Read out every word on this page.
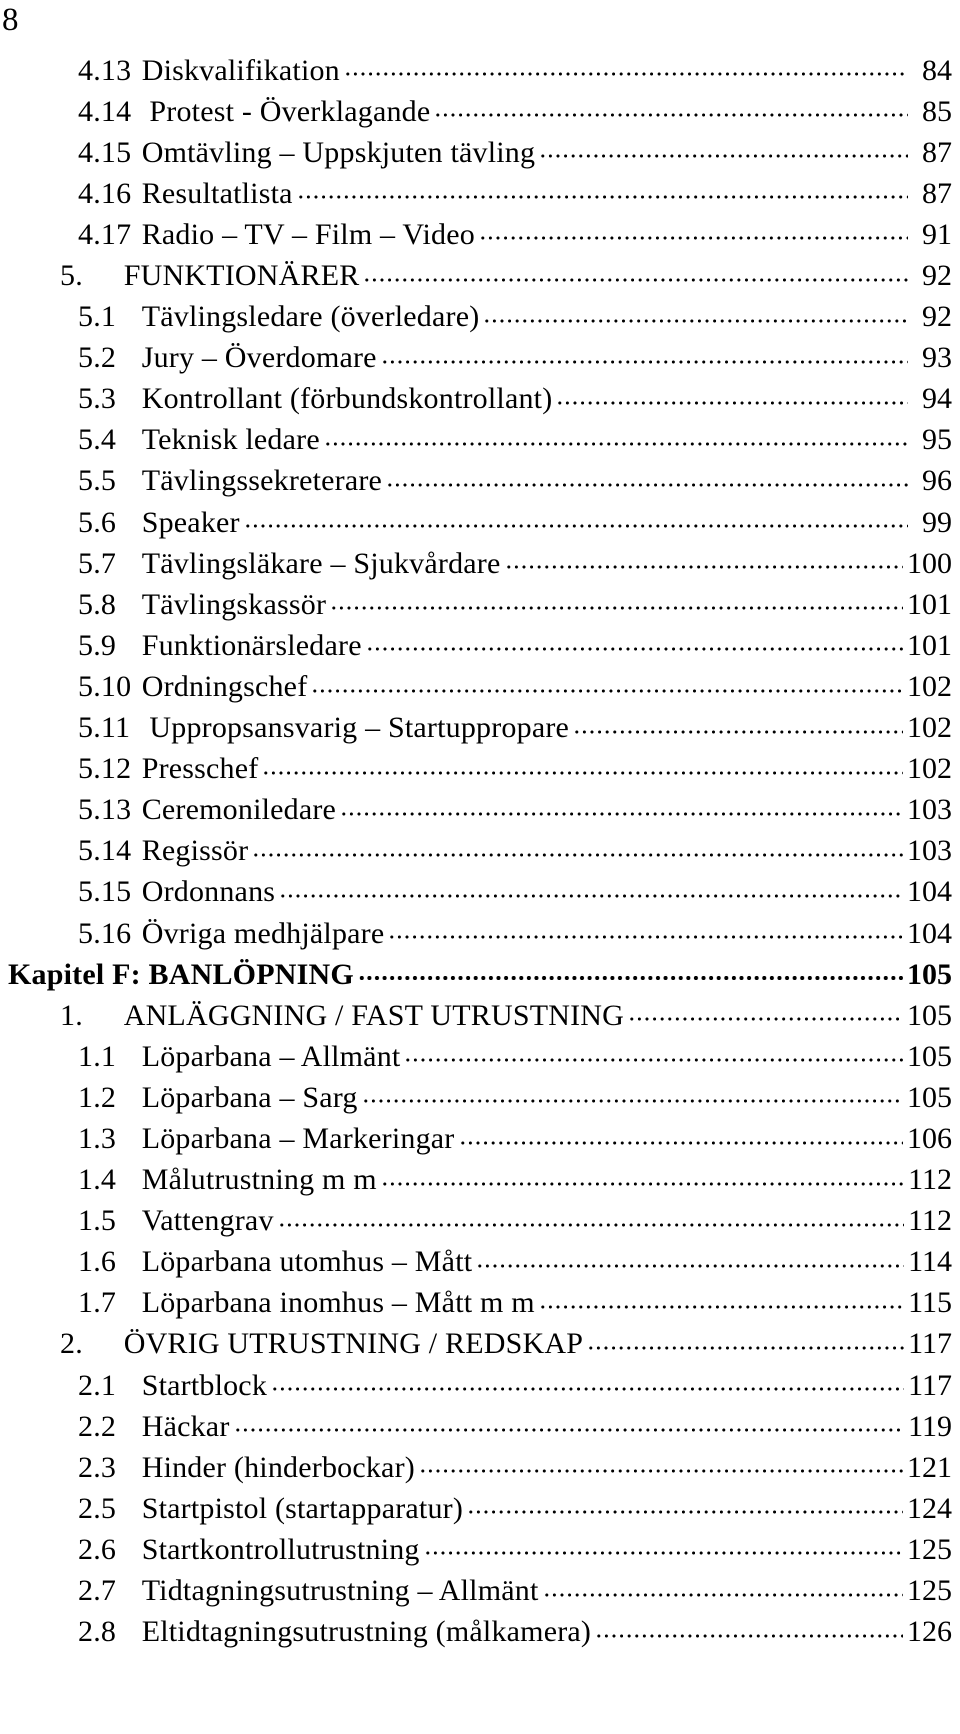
8
4.13 Diskvalifikation	84
4.14  Protest - Överklagande	85
4.15 Omtävling – Uppskjuten tävling	87
4.16 Resultatlista	87
4.17 Radio – TV – Film – Video	91
5. FUNKTIONÄRER	92
5.1 Tävlingsledare (överledare)	92
5.2 Jury – Överdomare	93
5.3 Kontrollant (förbundskontrollant)	94
5.4 Teknisk ledare	95
5.5 Tävlingssekreterare	96
5.6 Speaker	99
5.7 Tävlingsläkare – Sjukvårdare	100
5.8 Tävlingskassör	101
5.9 Funktionärsledare	101
5.10 Ordningschef	102
5.11  Uppropsansvarig – Startuppropare	102
5.12 Presschef	102
5.13 Ceremoniledare	103
5.14 Regissör	103
5.15 Ordonnans	104
5.16 Övriga medhjälpare	104
Kapitel F: BANLÖPNING	105
1. ANLÄGGNING / FAST UTRUSTNING	105
1.1 Löparbana – Allmänt	105
1.2 Löparbana – Sarg	105
1.3 Löparbana – Markeringar	106
1.4 Målutrustning m m	112
1.5 Vattengrav	112
1.6 Löparbana utomhus – Mått	114
1.7 Löparbana inomhus – Mått m m	115
2. ÖVRIG UTRUSTNING / REDSKAP	117
2.1 Startblock	117
2.2 Häckar	119
2.3 Hinder (hinderbockar)	121
2.5 Startpistol (startapparatur)	124
2.6 Startkontrollutrustning	125
2.7 Tidtagningsutrustning – Allmänt	125
2.8 Eltidtagningsutrustning (målkamera)	126
